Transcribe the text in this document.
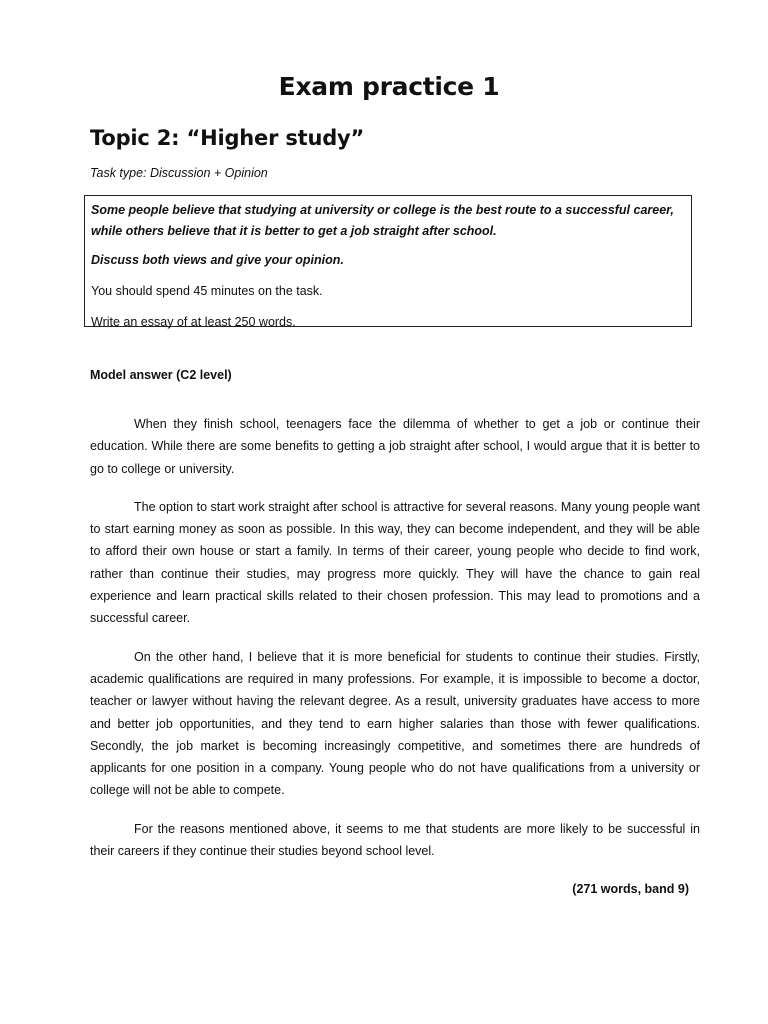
Exam practice 1
Topic 2: “Higher study”

Task type: Discussion + Opinion

Some people believe that studying at university or college is the best route to a successful career, while others believe that it is better to get a job straight after school.

Discuss both views and give your opinion.

You should spend 45 minutes on the task.

Write an essay of at least 250 words.

Model answer (C2 level)

When they finish school, teenagers face the dilemma of whether to get a job or continue their education. While there are some benefits to getting a job straight after school, I would argue that it is better to go to college or university.

The option to start work straight after school is attractive for several reasons. Many young people want to start earning money as soon as possible. In this way, they can become independent, and they will be able to afford their own house or start a family. In terms of their career, young people who decide to find work, rather than continue their studies, may progress more quickly. They will have the chance to gain real experience and learn practical skills related to their chosen profession. This may lead to promotions and a successful career.

On the other hand, I believe that it is more beneficial for students to continue their studies. Firstly, academic qualifications are required in many professions. For example, it is impossible to become a doctor, teacher or lawyer without having the relevant degree. As a result, university graduates have access to more and better job opportunities, and they tend to earn higher salaries than those with fewer qualifications. Secondly, the job market is becoming increasingly competitive, and sometimes there are hundreds of applicants for one position in a company. Young people who do not have qualifications from a university or college will not be able to compete.

For the reasons mentioned above, it seems to me that students are more likely to be successful in their careers if they continue their studies beyond school level.

(271 words, band 9)
